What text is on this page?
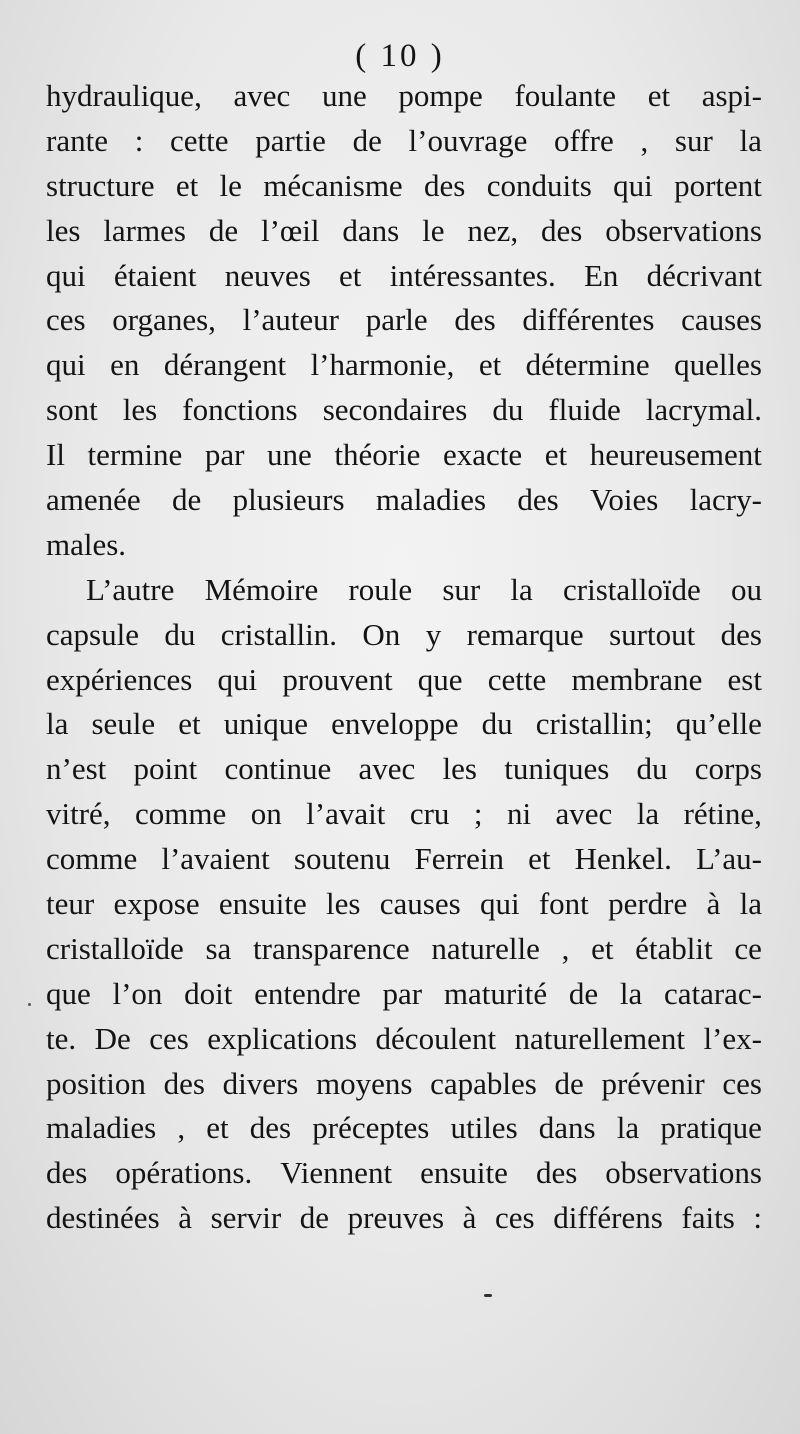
( 10 )
hydraulique, avec une pompe foulante et aspi-
rante : cette partie de l’ouvrage offre , sur la
structure et le mécanisme des conduits qui portent
les larmes de l’œil dans le nez, des observations
qui étaient neuves et intéressantes. En décrivant
ces organes, l’auteur parle des différentes causes
qui en dérangent l’harmonie, et détermine quelles
sont les fonctions secondaires du fluide lacrymal.
Il termine par une théorie exacte et heureusement
amenée de plusieurs maladies des Voies lacry-
males.
L’autre Mémoire roule sur la cristalloïde ou
capsule du cristallin. On y remarque surtout des
expériences qui prouvent que cette membrane est
la seule et unique enveloppe du cristallin; qu’elle
n’est point continue avec les tuniques du corps
vitré, comme on l’avait cru ; ni avec la rétine,
comme l’avaient soutenu Ferrein et Henkel. L’au-
teur expose ensuite les causes qui font perdre à la
cristalloïde sa transparence naturelle , et établit ce
que l’on doit entendre par maturité de la catarac-
te. De ces explications découlent naturellement l’ex-
position des divers moyens capables de prévenir ces
maladies , et des préceptes utiles dans la pratique
des opérations. Viennent ensuite des observations
destinées à servir de preuves à ces différens faits :
